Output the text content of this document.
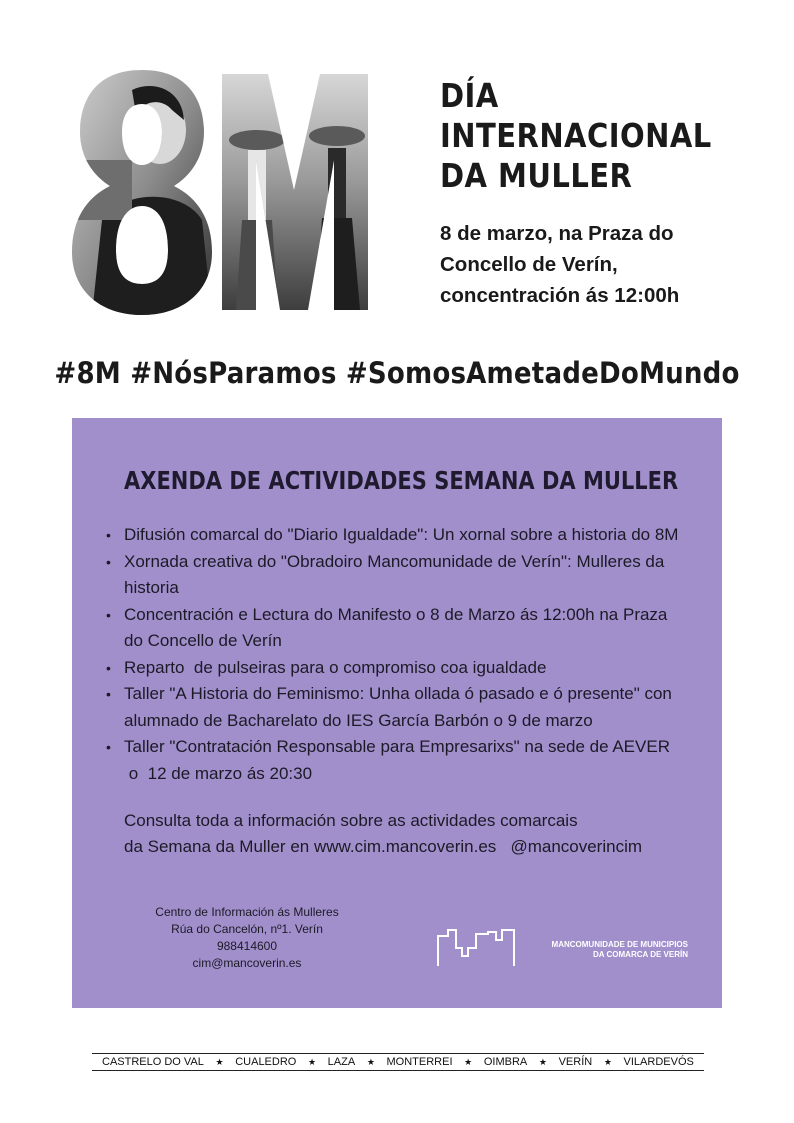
DÍA
INTERNACIONAL
DA MULLER
8 de marzo, na Praza do
Concello de Verín,
concentración ás 12:00h
#8M #NósParamos #SomosAmetadeDoMundo
AXENDA DE ACTIVIDADES SEMANA DA MULLER
• Difusión comarcal do "Diario Igualdade": Un xornal sobre a historia do 8M
• Xornada creativa do "Obradoiro Mancomunidade de Verín": Mulleres da
historia
• Concentración e Lectura do Manifesto o 8 de Marzo ás 12:00h na Praza
do Concello de Verín
• Reparto  de pulseiras para o compromiso coa igualdade
• Taller "A Historia do Feminismo: Unha ollada ó pasado e ó presente" con
alumnado de Bacharelato do IES García Barbón o 9 de marzo
• Taller "Contratación Responsable para Empresarixs" na sede de AEVER
o  12 de marzo ás 20:30
Consulta toda a información sobre as actividades comarcais
da Semana da Muller en www.cim.mancoverin.es   @mancoverincim
Centro de Información ás Mulleres
Rúa do Cancelón, nº1. Verín
988414600
cim@mancoverin.es
MANCOMUNIDADE DE MUNICIPIOS
DA COMARCA DE VERÍN
CASTRELO DO VAL ★ CUALEDRO ★ LAZA ★ MONTERREI ★ OIMBRA ★ VERÍN ★ VILARDEVÓS
